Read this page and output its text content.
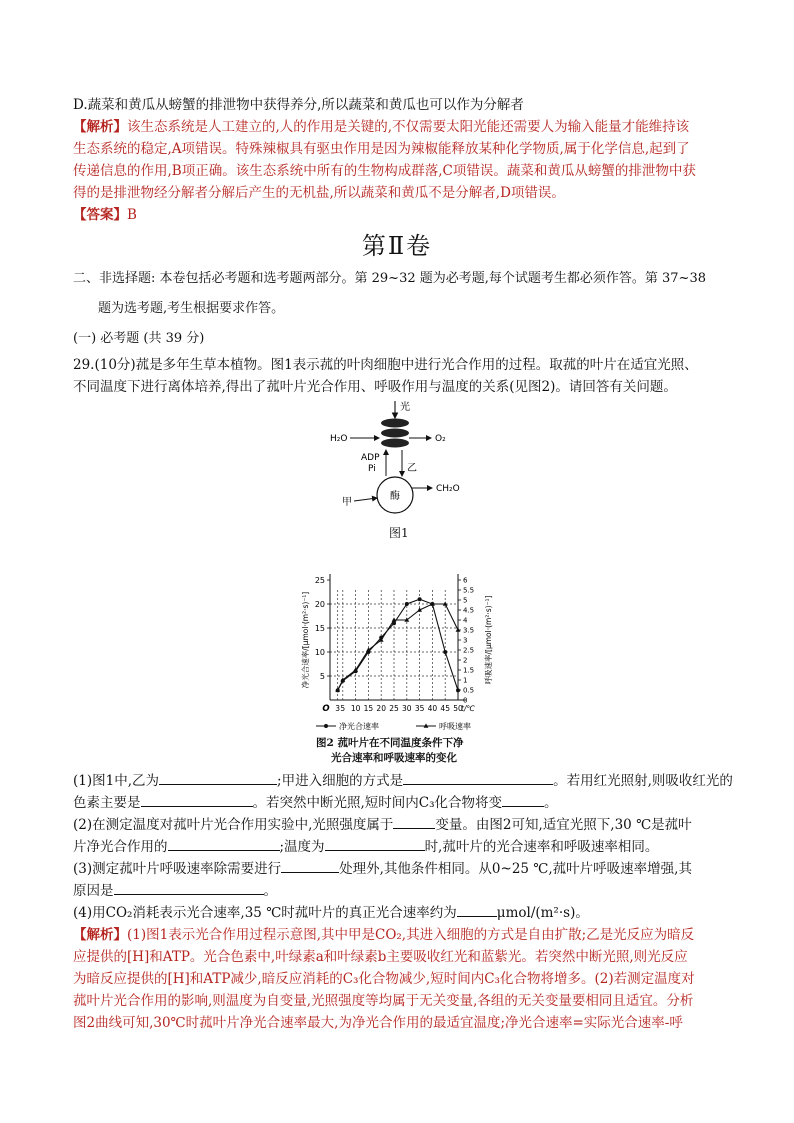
D.蔬菜和黄瓜从螃蟹的排泄物中获得养分,所以蔬菜和黄瓜也可以作为分解者
【解析】该生态系统是人工建立的,人的作用是关键的,不仅需要太阳光能还需要人为输入能量才能维持该
生态系统的稳定,A项错误。特殊辣椒具有驱虫作用是因为辣椒能释放某种化学物质,属于化学信息,起到了
传递信息的作用,B项正确。该生态系统中所有的生物构成群落,C项错误。蔬菜和黄瓜从螃蟹的排泄物中获
得的是排泄物经分解者分解后产生的无机盐,所以蔬菜和黄瓜不是分解者,D项错误。
【答案】B
第Ⅱ卷
二、非选择题: 本卷包括必考题和选考题两部分。第 29~32 题为必考题,每个试题考生都必须作答。第 37~38
题为选考题,考生根据要求作答。
(一) 必考题 (共 39 分)
29.(10分)菰是多年生草本植物。图1表示菰的叶肉细胞中进行光合作用的过程。取菰的叶片在适宜光照、
不同温度下进行离体培养,得出了菰叶片光合作用、呼吸作用与温度的关系(见图2)。请回答有关问题。
光
H₂O	O₂
ADP
Pi	乙
酶
甲
CH₂O
图1
5
10
15
20
25
0
0.5
1
1.5
2
2.5
3
3.5
4
4.5
5
5.5
6
O 3 5 10 15 20 25 30 35 40 45 50
t/℃
净光合速率/[μmol·(m²·s)⁻¹]	呼吸速率/[μmol·(m²·s)⁻¹]
净光合速率	呼吸速率
图2 菰叶片在不同温度条件下净
光合速率和呼吸速率的变化
(1)图1中,乙为	;甲进入细胞的方式是	。若用红光照射,则吸收红光的
色素主要是	。若突然中断光照,短时间内C₃化合物将变	。
(2)在测定温度对菰叶片光合作用实验中,光照强度属于	变量。由图2可知,适宜光照下,30 ℃是菰叶
片净光合作用的	;温度为	时,菰叶片的光合速率和呼吸速率相同。
(3)测定菰叶片呼吸速率除需要进行	处理外,其他条件相同。从0~25 ℃,菰叶片呼吸速率增强,其
原因是	。
(4)用CO₂消耗表示光合速率,35 ℃时菰叶片的真正光合速率约为	μmol/(m²·s)。
【解析】(1)图1表示光合作用过程示意图,其中甲是CO₂,其进入细胞的方式是自由扩散;乙是光反应为暗反
应提供的[H]和ATP。光合色素中,叶绿素a和叶绿素b主要吸收红光和蓝紫光。若突然中断光照,则光反应
为暗反应提供的[H]和ATP减少,暗反应消耗的C₃化合物减少,短时间内C₃化合物将增多。(2)若测定温度对
菰叶片光合作用的影响,则温度为自变量,光照强度等均属于无关变量,各组的无关变量要相同且适宜。分析
图2曲线可知,30℃时菰叶片净光合速率最大,为净光合作用的最适宜温度;净光合速率=实际光合速率-呼
